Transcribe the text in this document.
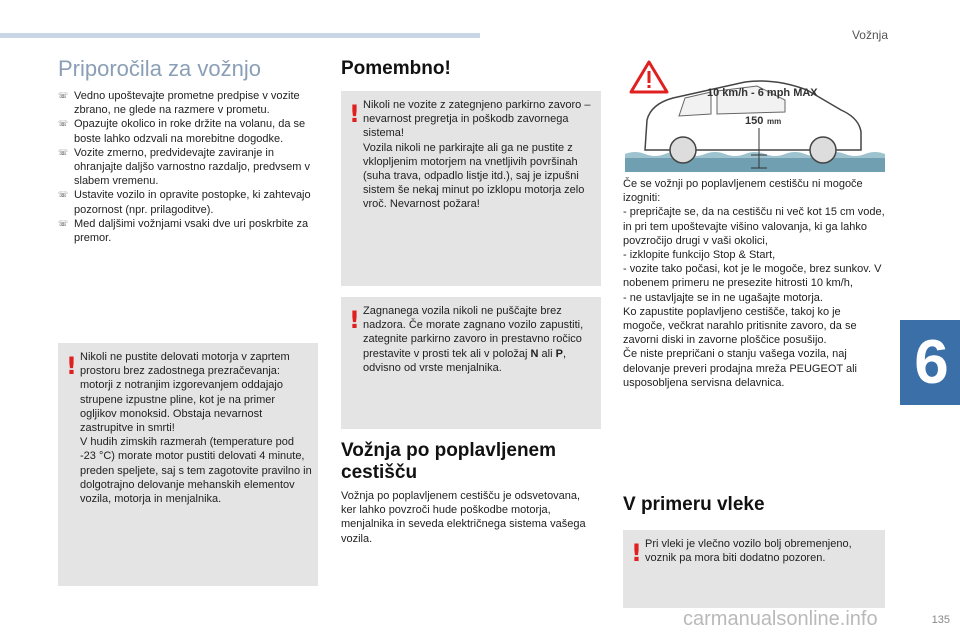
Vožnja
6
Priporočila za vožnjo
☏ Vedno upoštevajte prometne predpise v vozite zbrano, ne glede na razmere v prometu.
☏ Opazujte okolico in roke držite na volanu, da se boste lahko odzvali na morebitne dogodke.
☏ Vozite zmerno, predvidevajte zaviranje in ohranjajte daljšo varnostno razdaljo, predvsem v slabem vremenu.
☏ Ustavite vozilo in opravite postopke, ki zahtevajo pozornost (npr. prilagoditve).
☏ Med daljšimi vožnjami vsaki dve uri poskrbite za premor.
! Nikoli ne pustite delovati motorja v zaprtem prostoru brez zadostnega prezračevanja: motorji z notranjim izgorevanjem oddajajo strupene izpustne pline, kot je na primer ogljikov monoksid. Obstaja nevarnost zastrupitve in smrti!
V hudih zimskih razmerah (temperature pod -23 °C) morate motor pustiti delovati 4 minute, preden speljete, saj s tem zagotovite pravilno in dolgotrajno delovanje mehanskih elementov vozila, motorja in menjalnika.
Pomembno!
! Nikoli ne vozite z zategnjeno parkirno zavoro – nevarnost pregretja in poškodb zavornega sistema!
Vozila nikoli ne parkirajte ali ga ne pustite z vklopljenim motorjem na vnetljivih površinah (suha trava, odpadlo listje itd.), saj je izpušni sistem še nekaj minut po izklopu motorja zelo vroč. Nevarnost požara!
! Zagnanega vozila nikoli ne puščajte brez nadzora. Če morate zagnano vozilo zapustiti, zategnite parkirno zavoro in prestavno ročico prestavite v prosti tek ali v položaj N ali P, odvisno od vrste menjalnika.
Vožnja po poplavljenem cestišču
Vožnja po poplavljenem cestišču je odsvetovana, ker lahko povzroči hude poškodbe motorja, menjalnika in seveda električnega sistema vašega vozila.
10 km/h - 6 mph MAX
150 mm
Če se vožnji po poplavljenem cestišču ni mogoče izogniti:
- prepričajte se, da na cestišču ni več kot 15 cm vode, in pri tem upoštevajte višino valovanja, ki ga lahko povzročijo drugi v vaši okolici,
- izklopite funkcijo Stop & Start,
- vozite tako počasi, kot je le mogoče, brez sunkov. V nobenem primeru ne presezite hitrosti 10 km/h,
- ne ustavljajte se in ne ugašajte motorja.
Ko zapustite poplavljeno cestišče, takoj ko je mogoče, večkrat narahlo pritisnite zavoro, da se zavorni diski in zavorne ploščice posušijo.
Če niste prepričani o stanju vašega vozila, naj delovanje preveri prodajna mreža PEUGEOT ali usposobljena servisna delavnica.
V primeru vleke
! Pri vleki je vlečno vozilo bolj obremenjeno, voznik pa mora biti dodatno pozoren.
carmanualsonline.info	135
